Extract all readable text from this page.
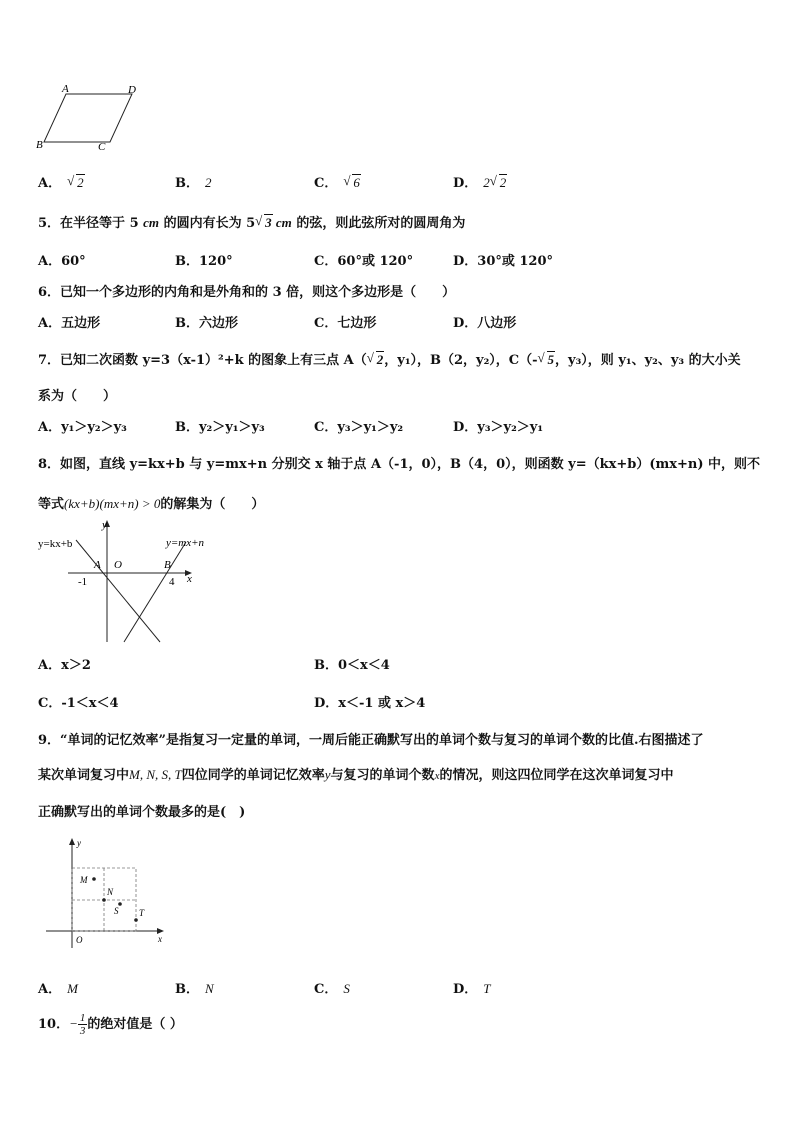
A	D
B	C
A． √ 2	B． 2	C． √ 6	D． 2 √ 2
5．在半径等于 5 cm 的圆内有长为 5 √ 3 cm 的弦，则此弦所对的圆周角为
A．60°	B．120°	C．60°或 120°	D．30°或 120°
6．已知一个多边形的内角和是外角和的 3 倍，则这个多边形是（　　）
A．五边形	B．六边形	C．七边形	D．八边形
7．已知二次函数 y=3（x-1）²+k 的图象上有三点 A（ √ 2，y₁），B（2，y₂），C（- √ 5，y₃），则 y₁、y₂、y₃ 的大小关
系为（　　）
A．y₁＞y₂＞y₃	B．y₂＞y₁＞y₃	C．y₃＞y₁＞y₂	D．y₃＞y₂＞y₁
8．如图，直线 y=kx+b 与 y=mx+n 分别交 x 轴于点 A（-1，0），B（4，0），则函数 y=（kx+b）(mx+n) 中，则不
等式(kx+b)(mx+n) > 0的解集为（　　）
y
x
O
A	B
-1	4
y=kx+b	y=mx+n
A．x＞2	B．0＜x＜4
C．-1＜x＜4	D．x＜-1 或 x＞4
9．“单词的记忆效率”是指复习一定量的单词，一周后能正确默写出的单词个数与复习的单词个数的比值.右图描述了
某次单词复习中M, N, S, T四位同学的单词记忆效率y与复习的单词个数x的情况，则这四位同学在这次单词复习中
正确默写出的单词个数最多的是(　)
y
x
O
M
N
S T
A． M	B． N	C． S	D． T
10．− $\frac{1}{3}$ 的绝对值是（ ）
